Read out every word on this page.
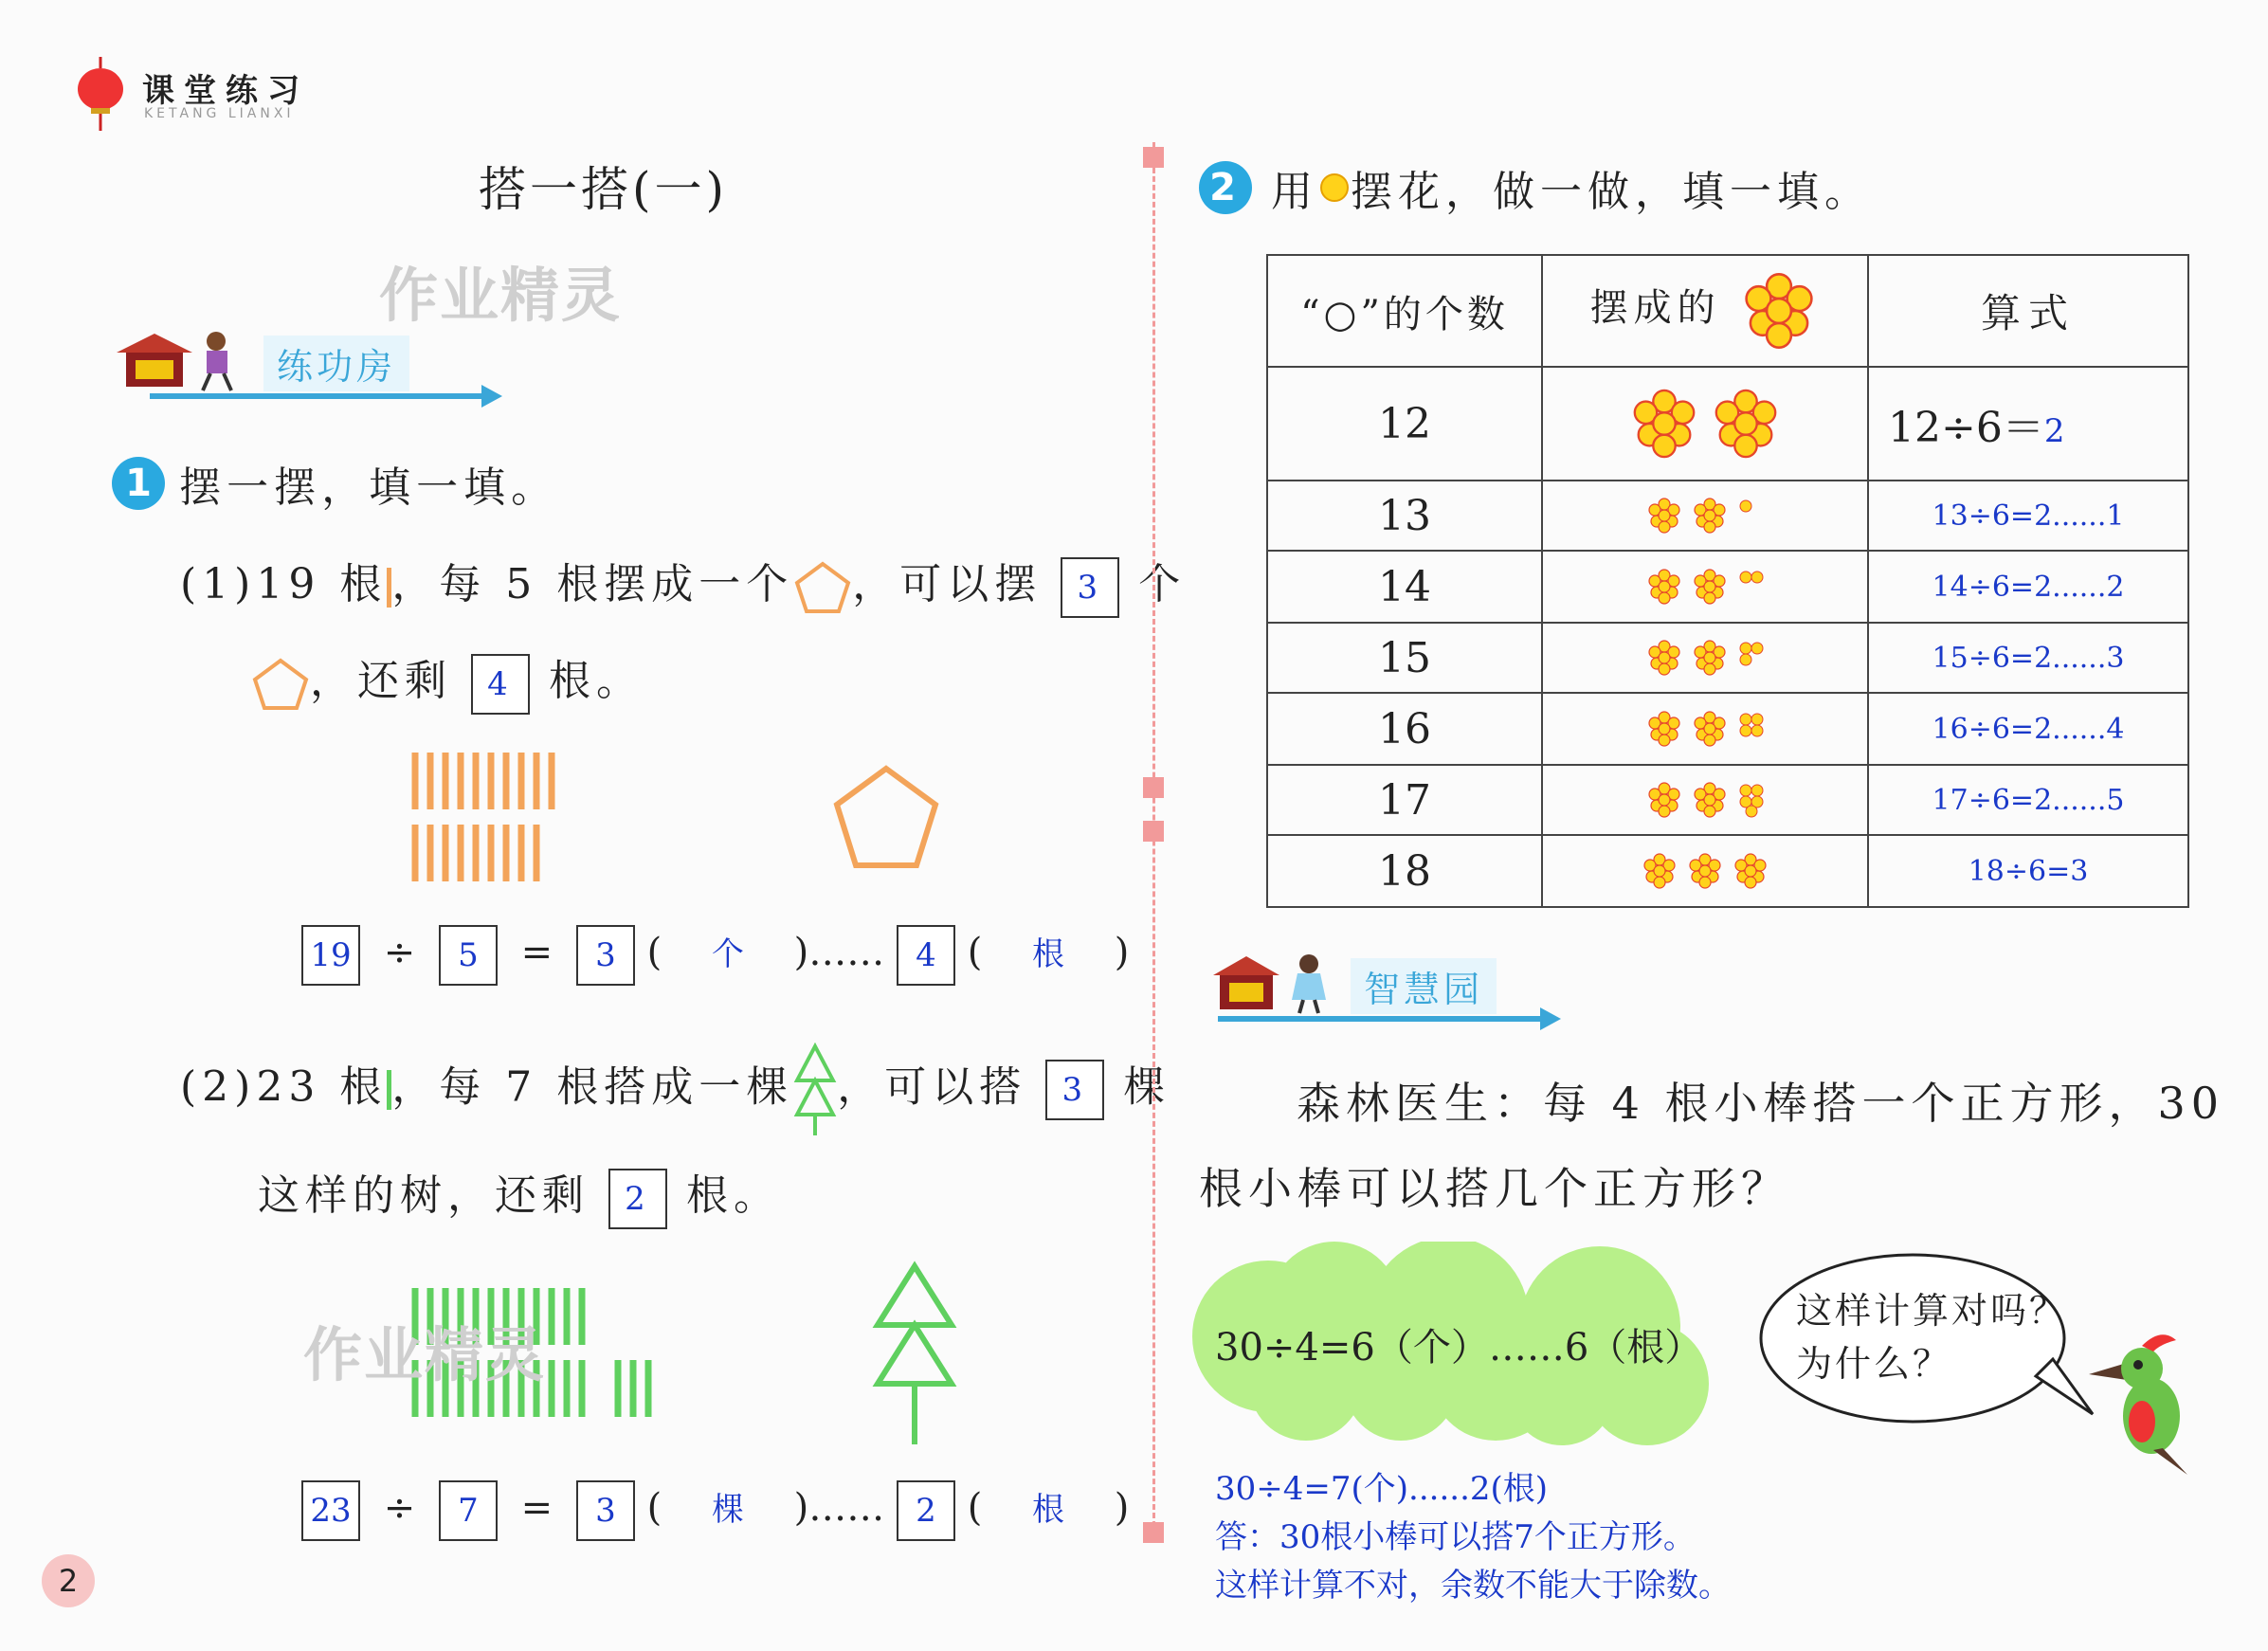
课堂练习
KETANG LIANXI
2
搭一搭(一)
作业精灵
练功房
1 摆一摆，填一填。
(1)19 根 ，每 5 根摆成一个 ，可以摆 3 个
，还剩 4 根。
19 ÷ 5 = 3 ( 个 )…… 4 ( 根 )
(2)23 根 ，每 7 根搭成一棵 ，可以搭 3 棵
这样的树，还剩 2 根。
作业精灵
23 ÷ 7 = 3 ( 棵 )…… 2 ( 根 )
2 用 摆花，做一做，填一填。
“○”的个数	摆成的	算式
12		12÷6＝2
13		13÷6=2......1
14		14÷6=2......2
15		15÷6=2......3
16		16÷6=2......4
17		17÷6=2......5
18		18÷6=3
智慧园
森林医生：每 4 根小棒搭一个正方形，30
根小棒可以搭几个正方形？
30÷4=6（个）……6（根）
这样计算对吗？
为什么？
30÷4=7(个)......2(根)
答：30根小棒可以搭7个正方形。
这样计算不对，余数不能大于除数。
